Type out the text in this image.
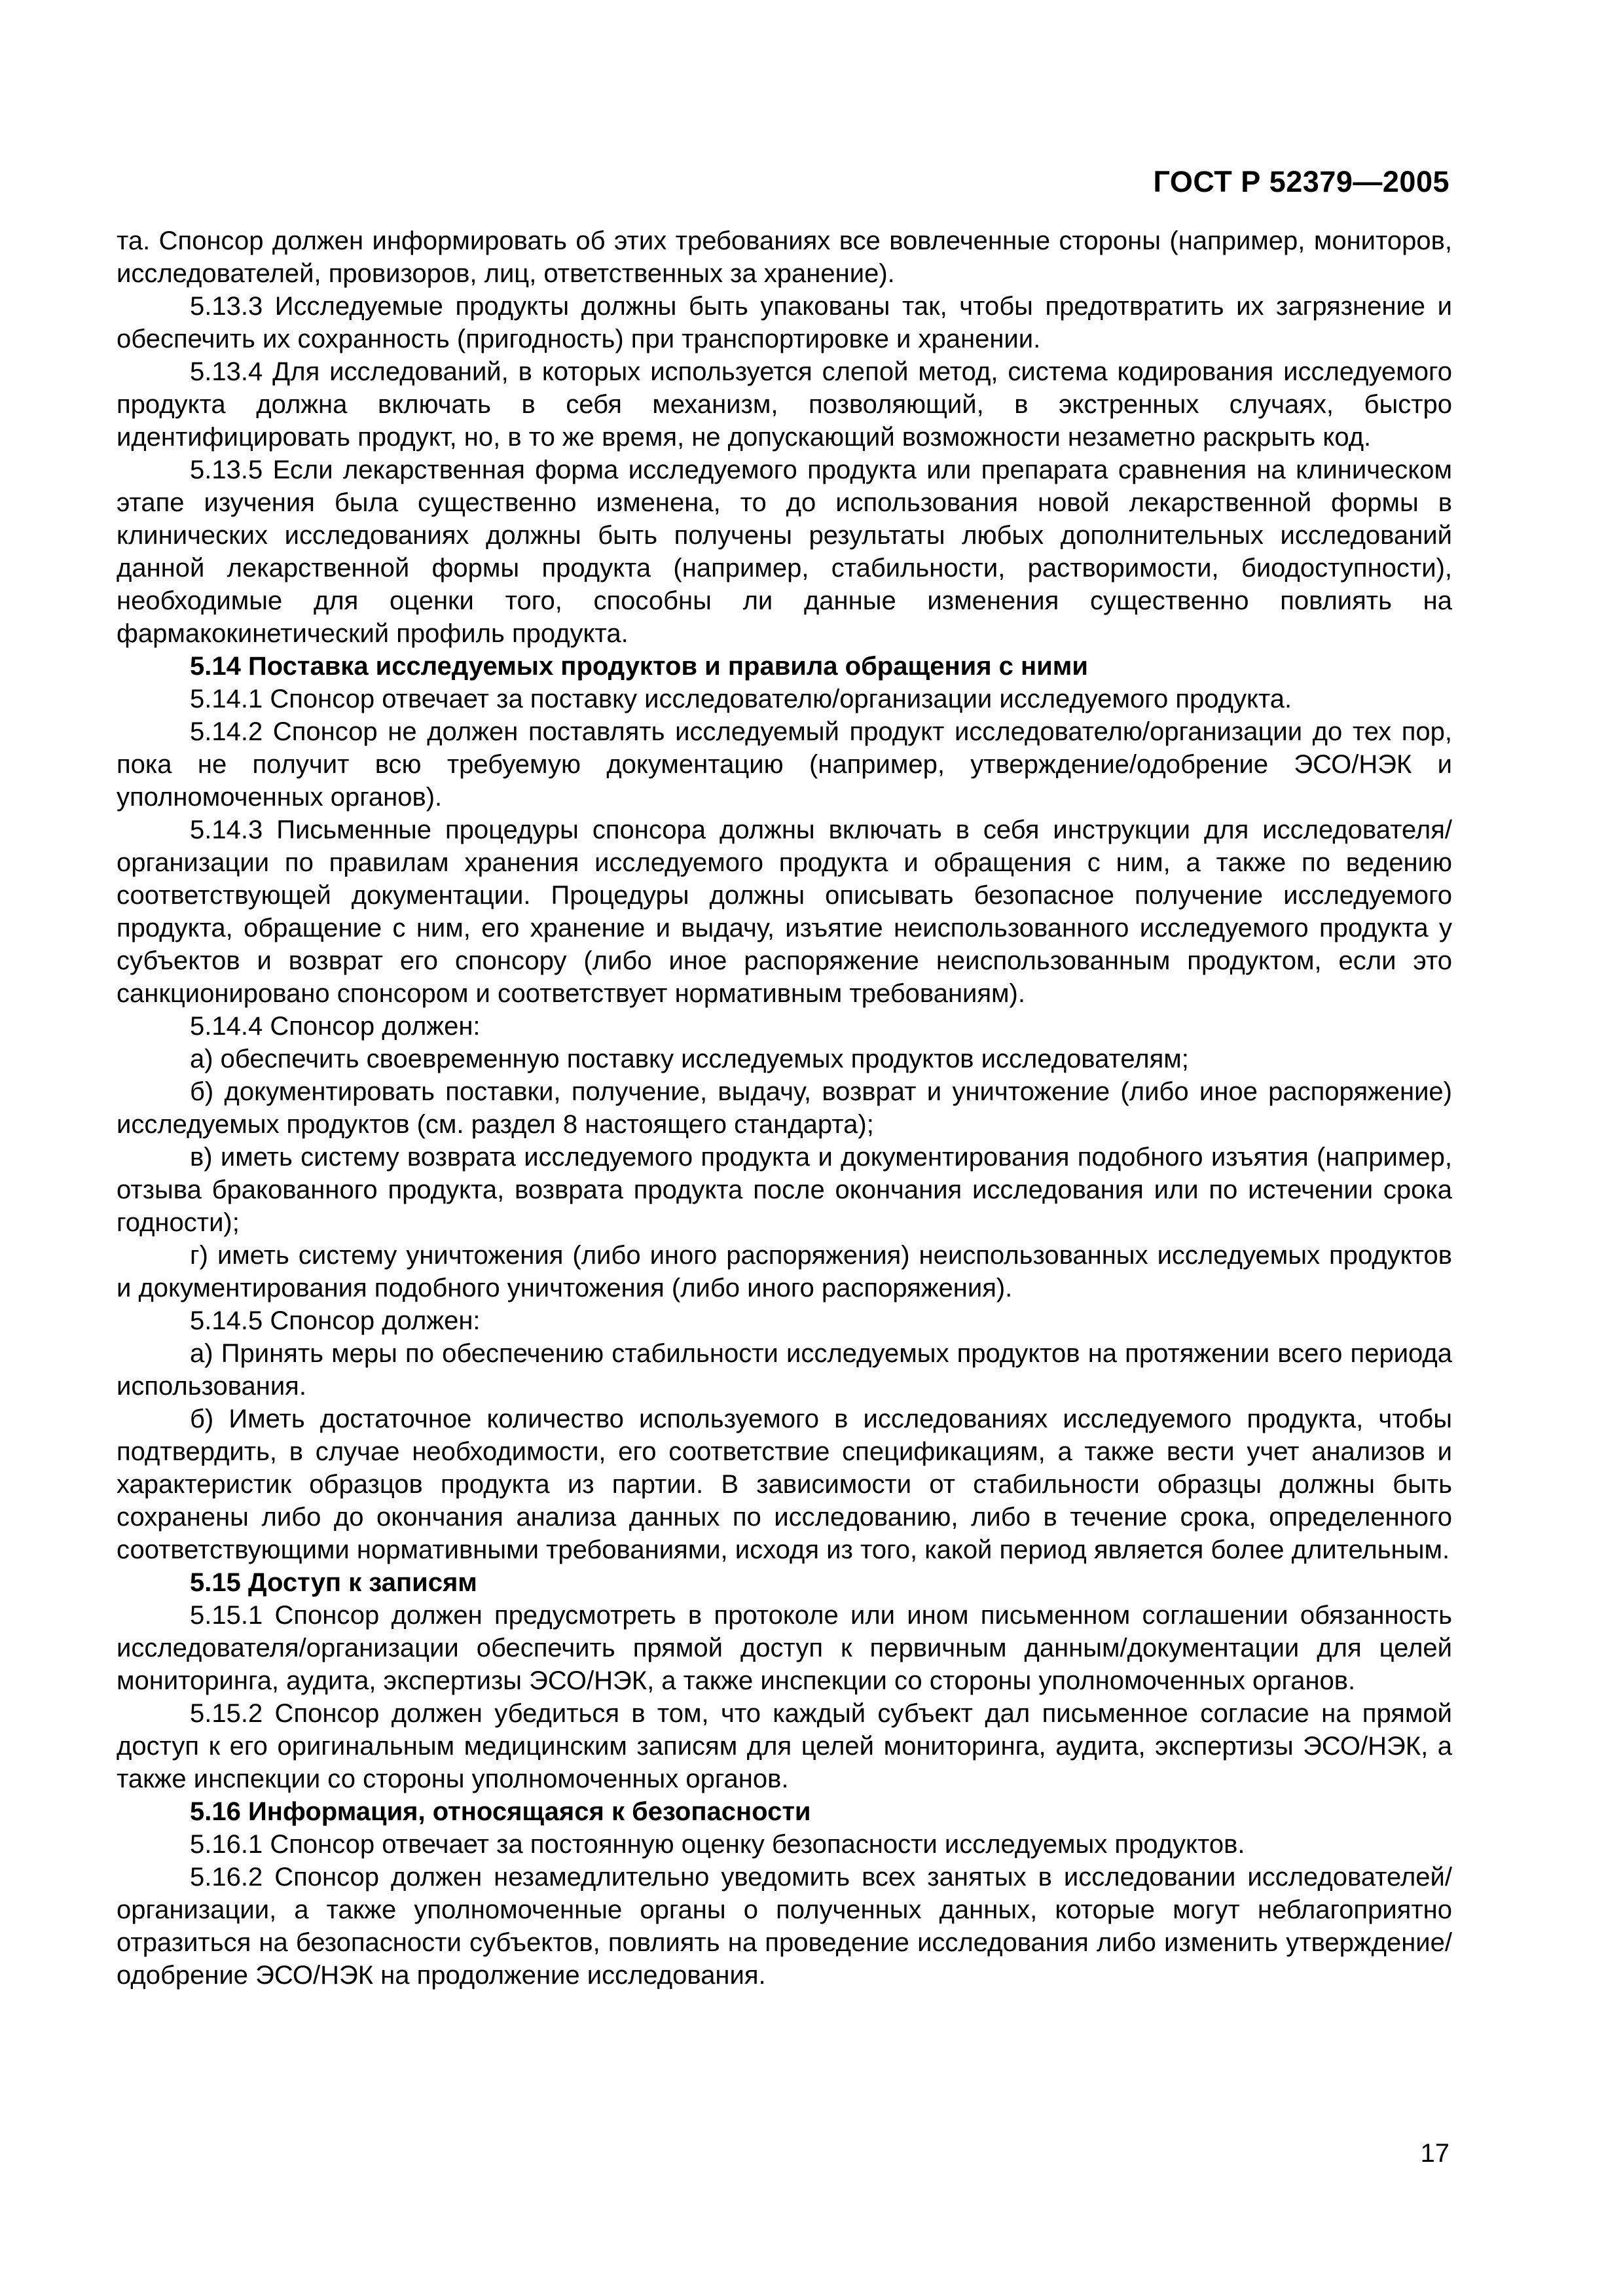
ГОСТ Р 52379—2005

та. Спонсор должен информировать об этих требованиях все вовлеченные стороны (например, мониторов, исследователей, провизоров, лиц, ответственных за хранение).

5.13.3 Исследуемые продукты должны быть упакованы так, чтобы предотвратить их загрязнение и обеспечить их сохранность (пригодность) при транспортировке и хранении.

5.13.4 Для исследований, в которых используется слепой метод, система кодирования исследуемого продукта должна включать в себя механизм, позволяющий, в экстренных случаях, быстро идентифицировать продукт, но, в то же время, не допускающий возможности незаметно раскрыть код.

5.13.5 Если лекарственная форма исследуемого продукта или препарата сравнения на клиническом этапе изучения была существенно изменена, то до использования новой лекарственной формы в клинических исследованиях должны быть получены результаты любых дополнительных исследований данной лекарственной формы продукта (например, стабильности, растворимости, биодоступности), необходимые для оценки того, способны ли данные изменения существенно повлиять на фармакокинетический профиль продукта.

5.14 Поставка исследуемых продуктов и правила обращения с ними

5.14.1 Спонсор отвечает за поставку исследователю/организации исследуемого продукта.

5.14.2 Спонсор не должен поставлять исследуемый продукт исследователю/организации до тех пор, пока не получит всю требуемую документацию (например, утверждение/одобрение ЭСО/НЭК и уполномоченных органов).

5.14.3 Письменные процедуры спонсора должны включать в себя инструкции для исследователя/организации по правилам хранения исследуемого продукта и обращения с ним, а также по ведению соответствующей документации. Процедуры должны описывать безопасное получение исследуемого продукта, обращение с ним, его хранение и выдачу, изъятие неиспользованного исследуемого продукта у субъектов и возврат его спонсору (либо иное распоряжение неиспользованным продуктом, если это санкционировано спонсором и соответствует нормативным требованиям).

5.14.4 Спонсор должен:

а) обеспечить своевременную поставку исследуемых продуктов исследователям;

б) документировать поставки, получение, выдачу, возврат и уничтожение (либо иное распоряжение) исследуемых продуктов (см. раздел 8 настоящего стандарта);

в) иметь систему возврата исследуемого продукта и документирования подобного изъятия (например, отзыва бракованного продукта, возврата продукта после окончания исследования или по истечении срока годности);

г) иметь систему уничтожения (либо иного распоряжения) неиспользованных исследуемых продуктов и документирования подобного уничтожения (либо иного распоряжения).

5.14.5 Спонсор должен:

а) Принять меры по обеспечению стабильности исследуемых продуктов на протяжении всего периода использования.

б) Иметь достаточное количество используемого в исследованиях исследуемого продукта, чтобы подтвердить, в случае необходимости, его соответствие спецификациям, а также вести учет анализов и характеристик образцов продукта из партии. В зависимости от стабильности образцы должны быть сохранены либо до окончания анализа данных по исследованию, либо в течение срока, определенного соответствующими нормативными требованиями, исходя из того, какой период является более длительным.

5.15 Доступ к записям

5.15.1 Спонсор должен предусмотреть в протоколе или ином письменном соглашении обязанность исследователя/организации обеспечить прямой доступ к первичным данным/документации для целей мониторинга, аудита, экспертизы ЭСО/НЭК, а также инспекции со стороны уполномоченных органов.

5.15.2 Спонсор должен убедиться в том, что каждый субъект дал письменное согласие на прямой доступ к его оригинальным медицинским записям для целей мониторинга, аудита, экспертизы ЭСО/НЭК, а также инспекции со стороны уполномоченных органов.

5.16 Информация, относящаяся к безопасности

5.16.1 Спонсор отвечает за постоянную оценку безопасности исследуемых продуктов.

5.16.2 Спонсор должен незамедлительно уведомить всех занятых в исследовании исследователей/организации, а также уполномоченные органы о полученных данных, которые могут неблагоприятно отразиться на безопасности субъектов, повлиять на проведение исследования либо изменить утверждение/одобрение ЭСО/НЭК на продолжение исследования.

17
